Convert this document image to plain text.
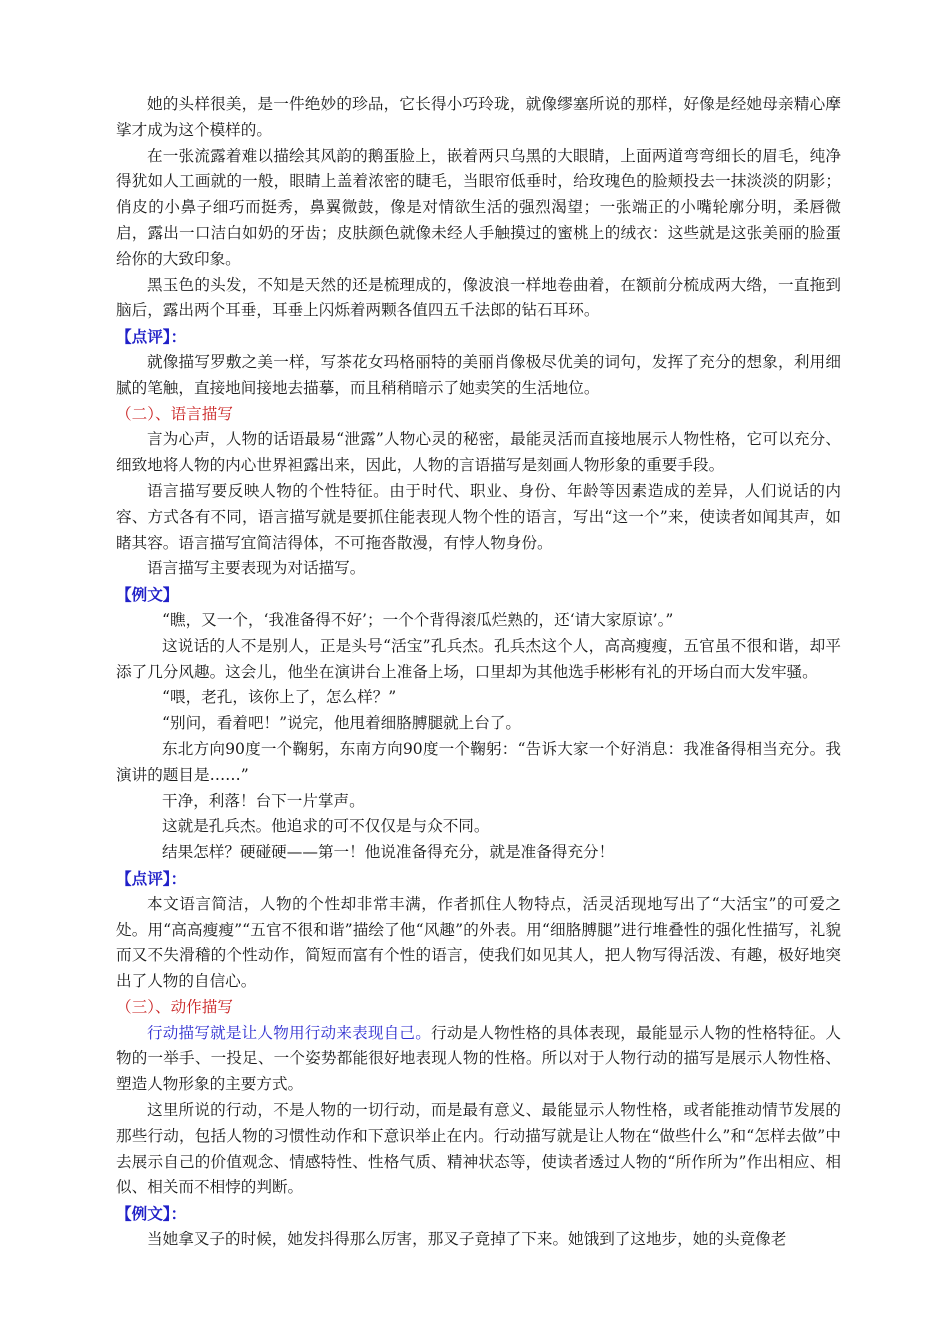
她的头样很美，是一件绝妙的珍品，它长得小巧玲珑，就像缪塞所说的那样，好像是经她母亲精心摩挲才成为这个模样的。

在一张流露着难以描绘其风韵的鹅蛋脸上，嵌着两只乌黑的大眼睛，上面两道弯弯细长的眉毛，纯净得犹如人工画就的一般，眼睛上盖着浓密的睫毛，当眼帘低垂时，给玫瑰色的脸颊投去一抹淡淡的阴影；俏皮的小鼻子细巧而挺秀，鼻翼微鼓，像是对情欲生活的强烈渴望；一张端正的小嘴轮廓分明，柔唇微启，露出一口洁白如奶的牙齿；皮肤颜色就像未经人手触摸过的蜜桃上的绒衣：这些就是这张美丽的脸蛋给你的大致印象。

黑玉色的头发，不知是天然的还是梳理成的，像波浪一样地卷曲着，在额前分梳成两大绺，一直拖到脑后，露出两个耳垂，耳垂上闪烁着两颗各值四五千法郎的钻石耳环。

【点评】：

就像描写罗敷之美一样，写茶花女玛格丽特的美丽肖像极尽优美的词句，发挥了充分的想象，利用细腻的笔触，直接地间接地去描摹，而且稍稍暗示了她卖笑的生活地位。

（二）、语言描写

言为心声，人物的话语最易“泄露”人物心灵的秘密，最能灵活而直接地展示人物性格，它可以充分、细致地将人物的内心世界袒露出来，因此，人物的言语描写是刻画人物形象的重要手段。

语言描写要反映人物的个性特征。由于时代、职业、身份、年龄等因素造成的差异，人们说话的内容、方式各有不同，语言描写就是要抓住能表现人物个性的语言，写出“这一个”来，使读者如闻其声，如睹其容。语言描写宜简洁得体，不可拖沓散漫，有悖人物身份。

语言描写主要表现为对话描写。

【例文】

“瞧，又一个，‘我准备得不好’；一个个背得滚瓜烂熟的，还‘请大家原谅’。”

这说话的人不是别人，正是头号“活宝”孔兵杰。孔兵杰这个人，高高瘦瘦，五官虽不很和谐，却平添了几分风趣。这会儿，他坐在演讲台上准备上场，口里却为其他选手彬彬有礼的开场白而大发牢骚。

“喂，老孔，该你上了，怎么样？”

“别问，看着吧！”说完，他甩着细胳膊腿就上台了。

东北方向90度一个鞠躬，东南方向90度一个鞠躬：“告诉大家一个好消息：我准备得相当充分。我演讲的题目是……”

干净，利落！台下一片掌声。

这就是孔兵杰。他追求的可不仅仅是与众不同。

结果怎样？硬碰硬——第一！他说准备得充分，就是准备得充分！

【点评】：

本文语言简洁，人物的个性却非常丰满，作者抓住人物特点，活灵活现地写出了“大活宝”的可爱之处。用“高高瘦瘦”“五官不很和谐”描绘了他“风趣”的外表。用“细胳膊腿”进行堆叠性的强化性描写，礼貌而又不失滑稽的个性动作，简短而富有个性的语言，使我们如见其人，把人物写得活泼、有趣，极好地突出了人物的自信心。

（三）、动作描写

行动描写就是让人物用行动来表现自己。行动是人物性格的具体表现，最能显示人物的性格特征。人物的一举手、一投足、一个姿势都能很好地表现人物的性格。所以对于人物行动的描写是展示人物性格、塑造人物形象的主要方式。

这里所说的行动，不是人物的一切行动，而是最有意义、最能显示人物性格，或者能推动情节发展的那些行动，包括人物的习惯性动作和下意识举止在内。行动描写就是让人物在“做些什么”和“怎样去做”中去展示自己的价值观念、情感特性、性格气质、精神状态等，使读者透过人物的“所作所为”作出相应、相似、相关而不相悖的判断。

【例文】：

当她拿叉子的时候，她发抖得那么厉害，那叉子竟掉了下来。她饿到了这地步，她的头竟像老
